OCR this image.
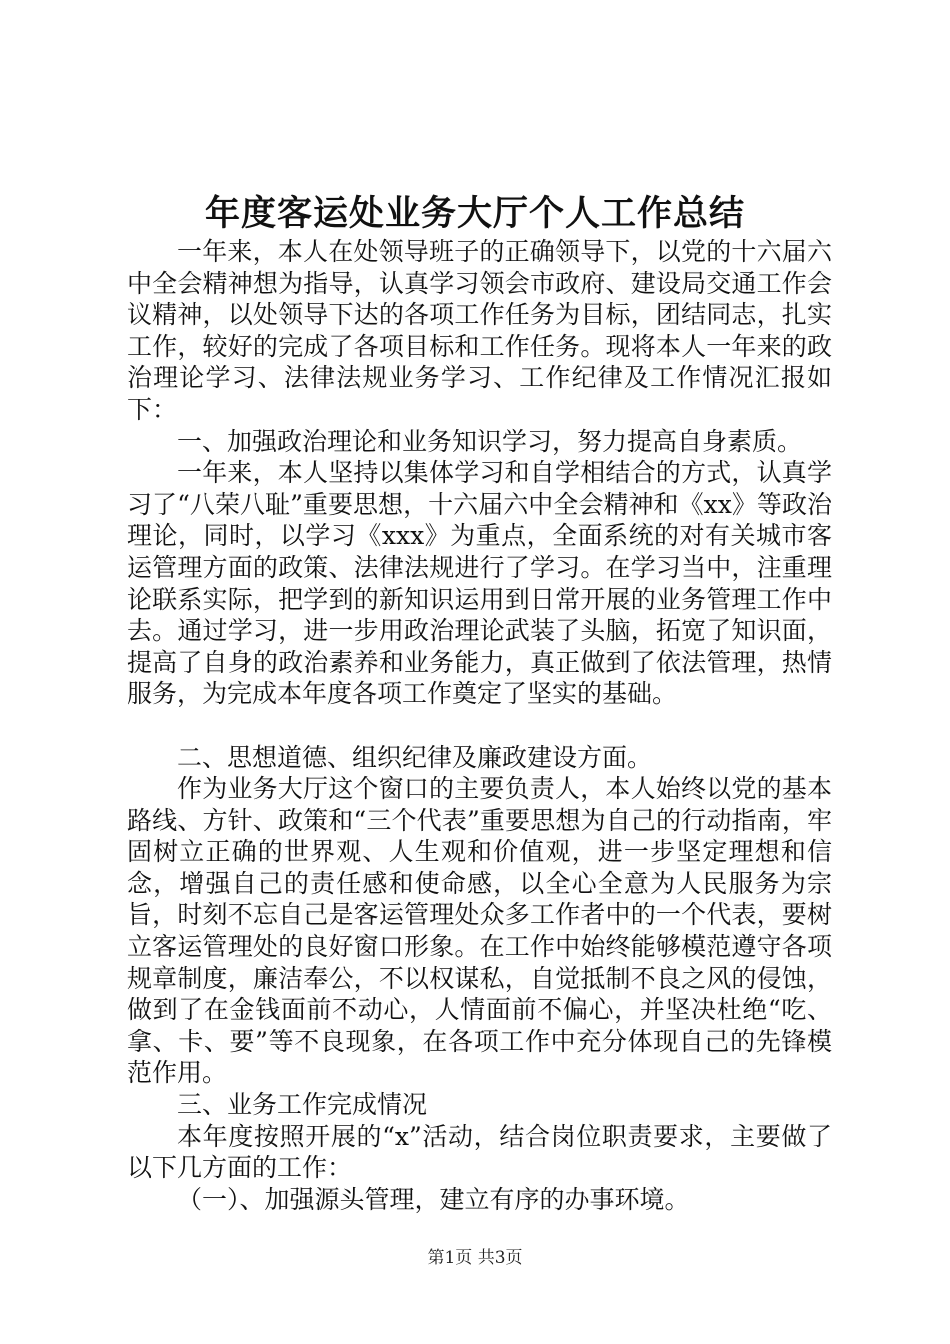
年度客运处业务大厅个人工作总结

一年来，本人在处领导班子的正确领导下，以党的十六届六中全会精神想为指导，认真学习领会市政府、建设局交通工作会议精神，以处领导下达的各项工作任务为目标，团结同志，扎实工作，较好的完成了各项目标和工作任务。现将本人一年来的政治理论学习、法律法规业务学习、工作纪律及工作情况汇报如下：

一、加强政治理论和业务知识学习，努力提高自身素质。

一年来，本人坚持以集体学习和自学相结合的方式，认真学习了“八荣八耻”重要思想，十六届六中全会精神和《xx》等政治理论，同时，以学习《xxx》为重点，全面系统的对有关城市客运管理方面的政策、法律法规进行了学习。在学习当中，注重理论联系实际，把学到的新知识运用到日常开展的业务管理工作中去。通过学习，进一步用政治理论武装了头脑，拓宽了知识面，提高了自身的政治素养和业务能力，真正做到了依法管理，热情服务，为完成本年度各项工作奠定了坚实的基础。

二、思想道德、组织纪律及廉政建设方面。

作为业务大厅这个窗口的主要负责人，本人始终以党的基本路线、方针、政策和“三个代表”重要思想为自己的行动指南，牢固树立正确的世界观、人生观和价值观，进一步坚定理想和信念，增强自己的责任感和使命感，以全心全意为人民服务为宗旨，时刻不忘自己是客运管理处众多工作者中的一个代表，要树立客运管理处的良好窗口形象。在工作中始终能够模范遵守各项规章制度，廉洁奉公，不以权谋私，自觉抵制不良之风的侵蚀，做到了在金钱面前不动心，人情面前不偏心，并坚决杜绝“吃、拿、卡、要”等不良现象，在各项工作中充分体现自己的先锋模范作用。

三、业务工作完成情况

本年度按照开展的“x”活动，结合岗位职责要求，主要做了以下几方面的工作：

（一）、加强源头管理，建立有序的办事环境。

第1页 共3页
